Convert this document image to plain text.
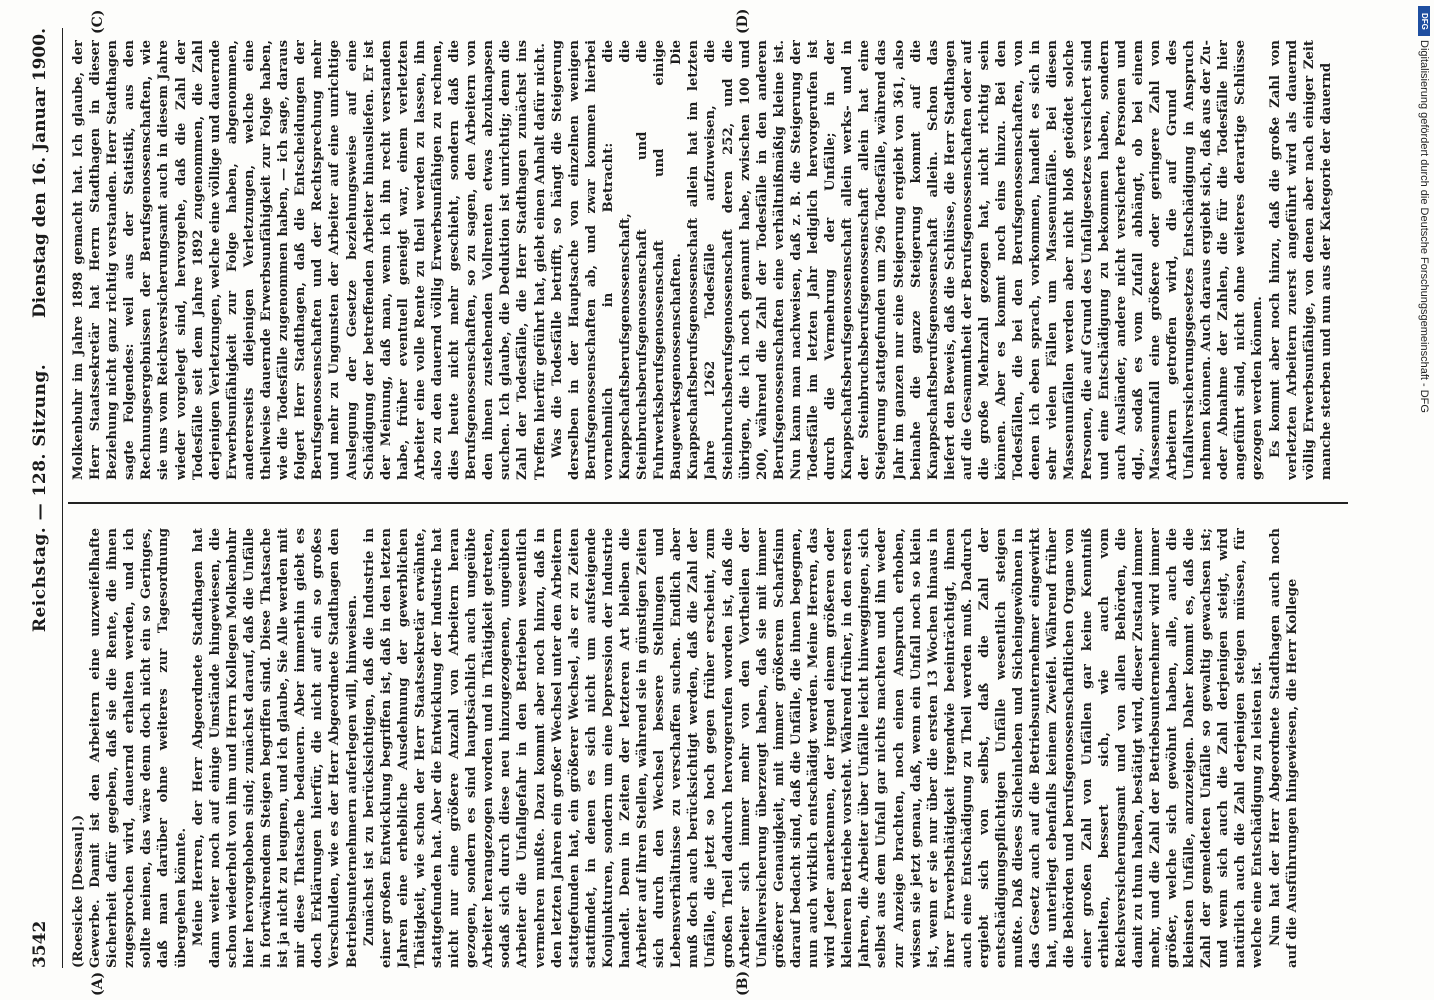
3542
Reichstag. — 128. Sitzung.
Dienstag den 16. Januar 1900.
(A)	(B)
(C)	(D)

(Roesicke [Dessau].) Gewerbe. Damit ist den Arbeitern eine unzweifelhafte Sicherheit dafür gegeben, daß sie die Rente, die ihnen zugesprochen wird, dauernd erhalten werden, und ich sollte meinen, das wäre denn doch nicht ein so Geringes, daß man darüber ohne weiteres zur Tagesordnung übergehen könnte. Meine Herren, der Herr Abgeordnete Stadthagen hat dann weiter noch auf einige Umstände hingewiesen, die schon wiederholt von ihm und Herrn Kollegen Molkenbuhr hier hervorgehoben sind; zunächst darauf, daß die Unfälle in fortwährendem Steigen begriffen sind. Diese Thatsache ist ja nicht zu leugnen, und ich glaube, Sie Alle werden mit mir diese Thatsache bedauern. Aber immerhin giebt es doch Erklärungen hierfür, die nicht auf ein so großes Verschulden, wie es der Herr Abgeordnete Stadthagen den Betriebsunternehmern auferlegen will, hinweisen. Zunächst ist zu berücksichtigen, daß die Industrie in einer großen Entwicklung begriffen ist, daß in den letzten Jahren eine erhebliche Ausdehnung der gewerblichen Thätigkeit, wie schon der Herr Staatssekretär erwähnte, stattgefunden hat. Aber die Entwicklung der Industrie hat nicht nur eine größere Anzahl von Arbeitern heran gezogen, sondern es sind hauptsächlich auch ungeübte Arbeiter herangezogen worden und in Thätigkeit getreten, sodaß sich durch diese neu hinzugezogenen, ungeübten Arbeiter die Unfallgefahr in den Betrieben wesentlich vermehren mußte. Dazu kommt aber noch hinzu, daß in den letzten Jahren ein großer Wechsel unter den Arbeitern stattgefunden hat, ein größerer Wechsel, als er zu Zeiten stattfindet, in denen es sich nicht um aufsteigende Konjunkturen, sondern um eine Depression der Industrie handelt. Denn in Zeiten der letzteren Art bleiben die Arbeiter auf ihren Stellen, während sie in günstigen Zeiten sich durch den Wechsel bessere Stellungen und Lebensverhältnisse zu verschaffen suchen. Endlich aber muß doch auch berücksichtigt werden, daß die Zahl der Unfälle, die jetzt so hoch gegen früher erscheint, zum großen Theil dadurch hervorgerufen worden ist, daß die Arbeiter sich immer mehr von den Vortheilen der Unfallversicherung überzeugt haben, daß sie mit immer größerer Genauigkeit, mit immer größerem Scharfsinn darauf bedacht sind, daß die Unfälle, die ihnen begegnen, nun auch wirklich entschädigt werden. Meine Herren, das wird Jeder anerkennen, der irgend einem größeren oder kleineren Betriebe vorsteht. Während früher, in den ersten Jahren, die Arbeiter über Unfälle leicht hinweggingen, sich selbst aus dem Unfall gar nichts machten und ihn weder zur Anzeige brachten, noch einen Anspruch erhoben, wissen sie jetzt genau, daß, wenn ein Unfall noch so klein ist, wenn er sie nur über die ersten 13 Wochen hinaus in ihrer Erwerbsthätigkeit irgendwie beeinträchtigt, ihnen auch eine Entschädigung zu Theil werden muß. Dadurch ergiebt sich von selbst, daß die Zahl der entschädigungspflichtigen Unfälle wesentlich steigen mußte. Daß dieses Sicheinleben und Sicheingewöhnen in das Gesetz auch auf die Betriebsunternehmer eingewirkt hat, unterliegt ebenfalls keinem Zweifel. Während früher die Behörden und berufsgenossenschaftlichen Organe von einer großen Zahl von Unfällen gar keine Kenntniß erhielten, bessert sich, wie auch vom Reichsversicherungsamt und von allen Behörden, die damit zu thun haben, bestätigt wird, dieser Zustand immer mehr, und die Zahl der Betriebsunternehmer wird immer größer, welche sich gewöhnt haben, alle, auch die kleinsten Unfälle, anzuzeigen. Daher kommt es, daß die Zahl der gemeldeten Unfälle so gewaltig gewachsen ist; und wenn sich auch die Zahl derjenigen steigt, wird natürlich auch die Zahl derjenigen steigen müssen, für welche eine Entschädigung zu leisten ist. Nun hat der Herr Abgeordnete Stadthagen auch noch auf die Ausführungen hingewiesen, die Herr Kollege

Molkenbuhr im Jahre 1898 gemacht hat. Ich glaube, der Herr Staatssekretär hat Herrn Stadthagen in dieser Beziehung nicht ganz richtig verstanden. Herr Stadthagen sagte Folgendes: weil aus der Statistik, aus den Rechnungsergebnissen der Berufsgenossenschaften, wie sie uns vom Reichsversicherungsamt auch in diesem Jahre wieder vorgelegt sind, hervorgehe, daß die Zahl der Todesfälle seit dem Jahre 1892 zugenommen, die Zahl derjenigen Verletzungen, welche eine völlige und dauernde Erwerbsunfähigkeit zur Folge haben, abgenommen, andererseits diejenigen Verletzungen, welche eine theilweise dauernde Erwerbsunfähigkeit zur Folge haben, wie die Todesfälle zugenommen haben, — ich sage, daraus folgert Herr Stadthagen, daß die Entscheidungen der Berufsgenossenschaften und der Rechtsprechung mehr und mehr zu Ungunsten der Arbeiter auf eine unrichtige Auslegung der Gesetze beziehungsweise auf eine Schädigung der betreffenden Arbeiter hinausliefen. Er ist der Meinung, daß man, wenn ich ihn recht verstanden habe, früher eventuell geneigt war, einem verletzten Arbeiter eine volle Rente zu theil werden zu lassen, ihn also zu den dauernd völlig Erwerbsunfähigen zu rechnen, dies heute nicht mehr geschieht, sondern daß die Berufsgenossenschaften, so zu sagen, den Arbeitern von den ihnen zustehenden Vollrenten etwas abzuknapsen suchen. Ich glaube, die Deduktion ist unrichtig; denn die Zahl der Todesfälle, die Herr Stadthagen zunächst ins Treffen hierfür geführt hat, giebt einen Anhalt dafür nicht. Was die Todesfälle betrifft, so hängt die Steigerung derselben in der Hauptsache von einzelnen wenigen Berufsgenossenschaften ab, und zwar kommen hierbei vornehmlich in Betracht: die Knappschaftsberufsgenossenschaft, die Steinbruchsberufsgenossenschaft und die Fuhrwerksberufsgenossenschaft und einige Baugewerksgenossenschaften. Die Knappschaftsberufsgenossenschaft allein hat im letzten Jahre 1262 Todesfälle aufzuweisen, die Steinbruchsberufsgenossenschaft deren 252, und die übrigen, die ich noch genannt habe, zwischen 100 und 200, während die Zahl der Todesfälle in den anderen Berufsgenossenschaften eine verhältnißmäßig kleine ist. Nun kann man nachweisen, daß z. B. die Steigerung der Todesfälle im letzten Jahr lediglich hervorgerufen ist durch die Vermehrung der Unfälle; in der Knappschaftsberufsgenossenschaft allein werks- und in der Steinbruchsberufsgenossenschaft allein hat eine Steigerung stattgefunden um 296 Todesfälle, während das Jahr im ganzen nur eine Steigerung ergiebt von 361, also beinahe die ganze Steigerung kommt auf die Knappschaftsberufsgenossenschaft allein. Schon das liefert den Beweis, daß die Schlüsse, die Herr Stadthagen auf die Gesammtheit der Berufsgenossenschaften oder auf die große Mehrzahl gezogen hat, nicht richtig sein können. Aber es kommt noch eins hinzu. Bei den Todesfällen, die bei den Berufsgenossenschaften, von denen ich eben sprach, vorkommen, handelt es sich in sehr vielen Fällen um Massenunfälle. Bei diesen Massenunfällen werden aber nicht bloß getödtet solche Personen, die auf Grund des Unfallgesetzes versichert sind und eine Entschädigung zu bekommen haben, sondern auch Ausländer, andere nicht versicherte Personen und dgl., sodaß es vom Zufall abhängt, ob bei einem Massenunfall eine größere oder geringere Zahl von Arbeitern getroffen wird, die auf Grund des Unfallversicherungsgesetzes Entschädigung in Anspruch nehmen können. Auch daraus ergiebt sich, daß aus der Zu- oder Abnahme der Zahlen, die für die Todesfälle hier angeführt sind, nicht ohne weiteres derartige Schlüsse gezogen werden können. Es kommt aber noch hinzu, daß die große Zahl von verletzten Arbeitern zuerst angeführt wird als dauernd völlig Erwerbsunfähige, von denen aber nach einiger Zeit manche sterben und nun aus der Kategorie der dauernd

DFG
Digitalisierung gefördert durch die Deutsche Forschungsgemeinschaft - DFG
